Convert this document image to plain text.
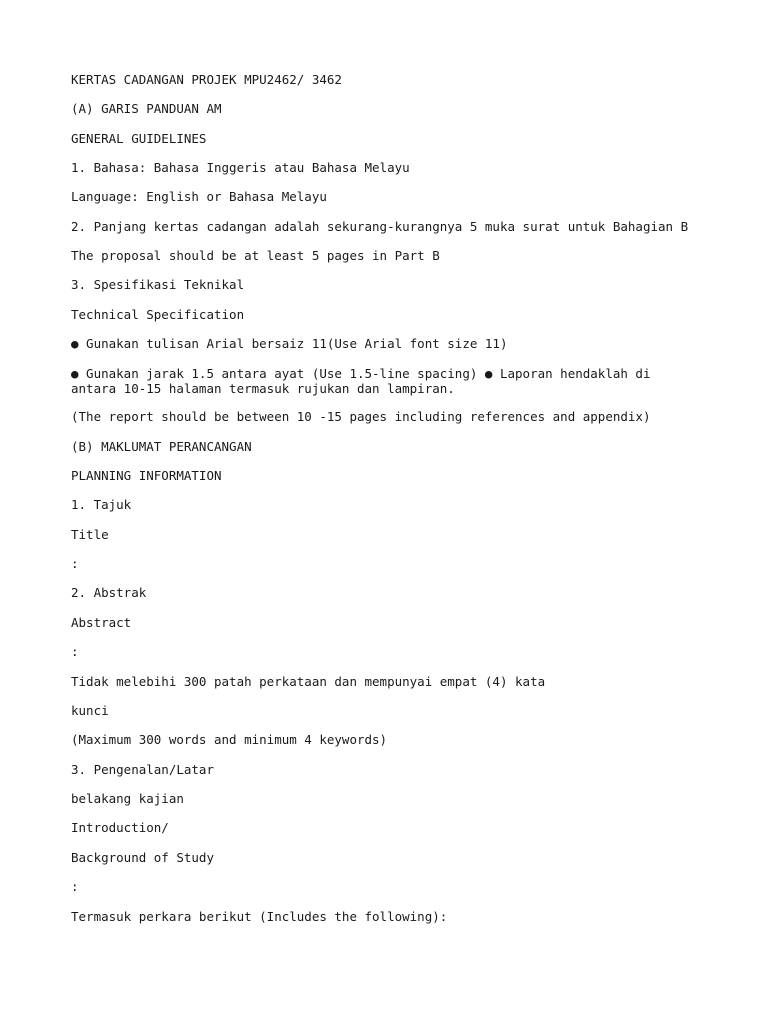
KERTAS CADANGAN PROJEK MPU2462/ 3462

(A) GARIS PANDUAN AM

GENERAL GUIDELINES

1. Bahasa: Bahasa Inggeris atau Bahasa Melayu

Language: English or Bahasa Melayu

2. Panjang kertas cadangan adalah sekurang-kurangnya 5 muka surat untuk Bahagian B

The proposal should be at least 5 pages in Part B

3. Spesifikasi Teknikal

Technical Specification

● Gunakan tulisan Arial bersaiz 11(Use Arial font size 11)

● Gunakan jarak 1.5 antara ayat (Use 1.5-line spacing) ● Laporan hendaklah di antara 10-15 halaman termasuk rujukan dan lampiran.

(The report should be between 10 -15 pages including references and appendix)

(B) MAKLUMAT PERANCANGAN

PLANNING INFORMATION

1. Tajuk

Title

:

2. Abstrak

Abstract

:

Tidak melebihi 300 patah perkataan dan mempunyai empat (4) kata

kunci

(Maximum 300 words and minimum 4 keywords)

3. Pengenalan/Latar

belakang kajian

Introduction/

Background of Study

:

Termasuk perkara berikut (Includes the following):
